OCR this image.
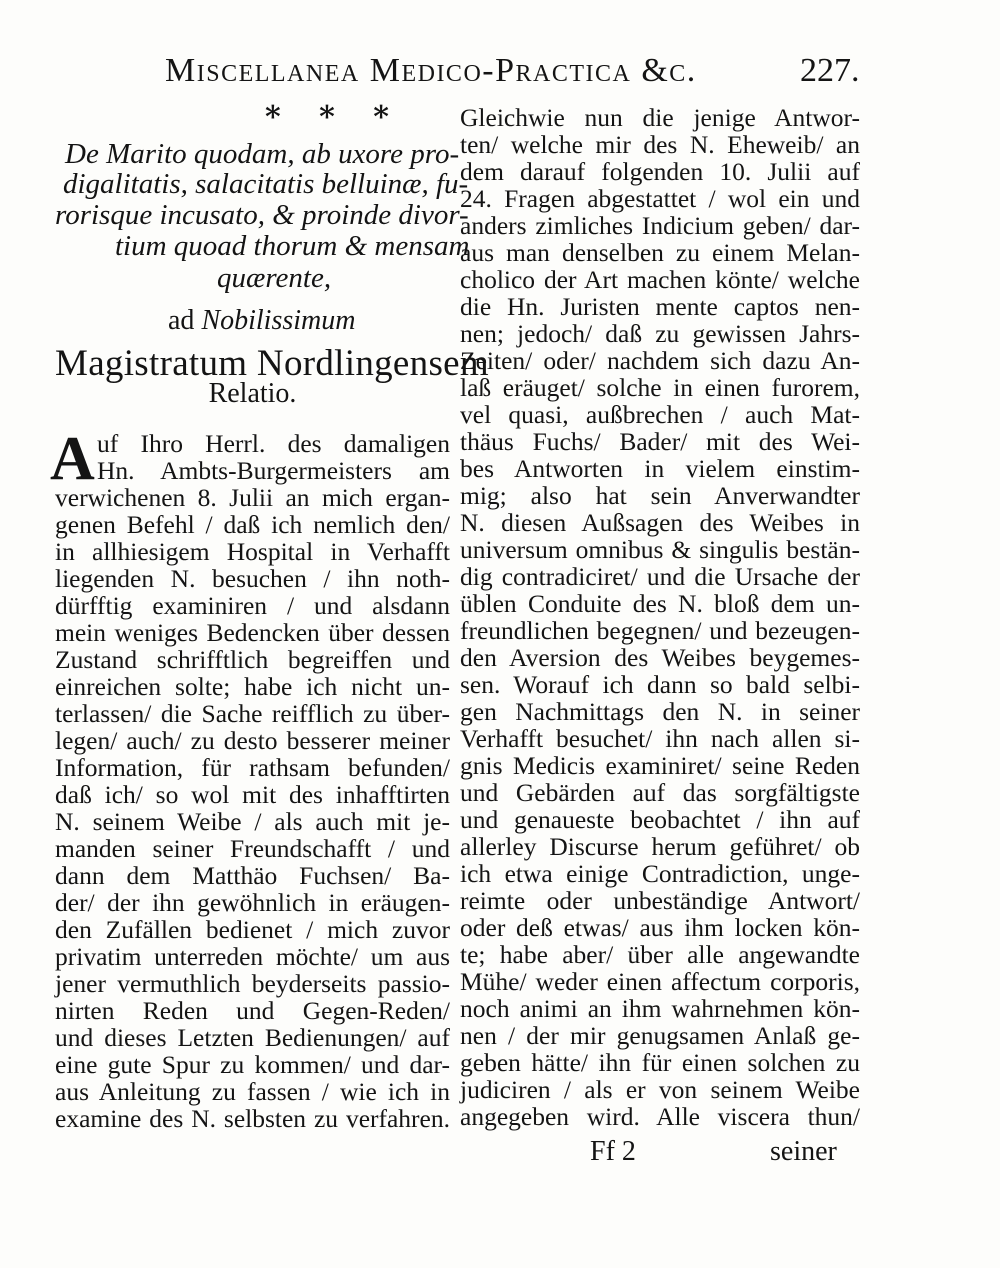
Miscellanea Medico-Practica &c.	227.
* * *
De Marito quodam, ab uxore pro-
digalitatis, salacitatis belluinæ, fu-
rorisque incusato, & proinde divor-
tium quoad thorum & mensam
quærente,
ad Nobilissimum
Magistratum Nordlingensem
Relatio.
A uf Ihro Herrl. des damaligen
Hn. Ambts-Burgermeisters am
verwichenen 8. Julii an mich ergan-
genen Befehl / daß ich nemlich den/
in allhiesigem Hospital in Verhafft
liegenden N. besuchen / ihn noth-
dürfftig examiniren / und alsdann
mein weniges Bedencken über dessen
Zustand schrifftlich begreiffen und
einreichen solte; habe ich nicht un-
terlassen/ die Sache reifflich zu über-
legen/ auch/ zu desto besserer meiner
Information, für rathsam befunden/
daß ich/ so wol mit des inhafftirten
N. seinem Weibe / als auch mit je-
manden seiner Freundschafft / und
dann dem Matthäo Fuchsen/ Ba-
der/ der ihn gewöhnlich in eräugen-
den Zufällen bedienet / mich zuvor
privatim unterreden möchte/ um aus
jener vermuthlich beyderseits passio-
nirten Reden und Gegen-Reden/
und dieses Letzten Bedienungen/ auf
eine gute Spur zu kommen/ und dar-
aus Anleitung zu fassen / wie ich in
examine des N. selbsten zu verfahren.
Gleichwie nun die jenige Antwor-
ten/ welche mir des N. Eheweib/ an
dem darauf folgenden 10. Julii auf
24. Fragen abgestattet / wol ein und
anders zimliches Indicium geben/ dar-
aus man denselben zu einem Melan-
cholico der Art machen könte/ welche
die Hn. Juristen mente captos nen-
nen; jedoch/ daß zu gewissen Jahrs-
Zeiten/ oder/ nachdem sich dazu An-
laß eräuget/ solche in einen furorem,
vel quasi, außbrechen / auch Mat-
thäus Fuchs/ Bader/ mit des Wei-
bes Antworten in vielem einstim-
mig; also hat sein Anverwandter
N. diesen Außsagen des Weibes in
universum omnibus & singulis bestän-
dig contradiciret/ und die Ursache der
üblen Conduite des N. bloß dem un-
freundlichen begegnen/ und bezeugen-
den Aversion des Weibes beygemes-
sen. Worauf ich dann so bald selbi-
gen Nachmittags den N. in seiner
Verhafft besuchet/ ihn nach allen si-
gnis Medicis examiniret/ seine Reden
und Gebärden auf das sorgfältigste
und genaueste beobachtet / ihn auf
allerley Discurse herum geführet/ ob
ich etwa einige Contradiction, unge-
reimte oder unbeständige Antwort/
oder deß etwas/ aus ihm locken kön-
te; habe aber/ über alle angewandte
Mühe/ weder einen affectum corporis,
noch animi an ihm wahrnehmen kön-
nen / der mir genugsamen Anlaß ge-
geben hätte/ ihn für einen solchen zu
judiciren / als er von seinem Weibe
angegeben wird. Alle viscera thun/
Ff 2	seiner
